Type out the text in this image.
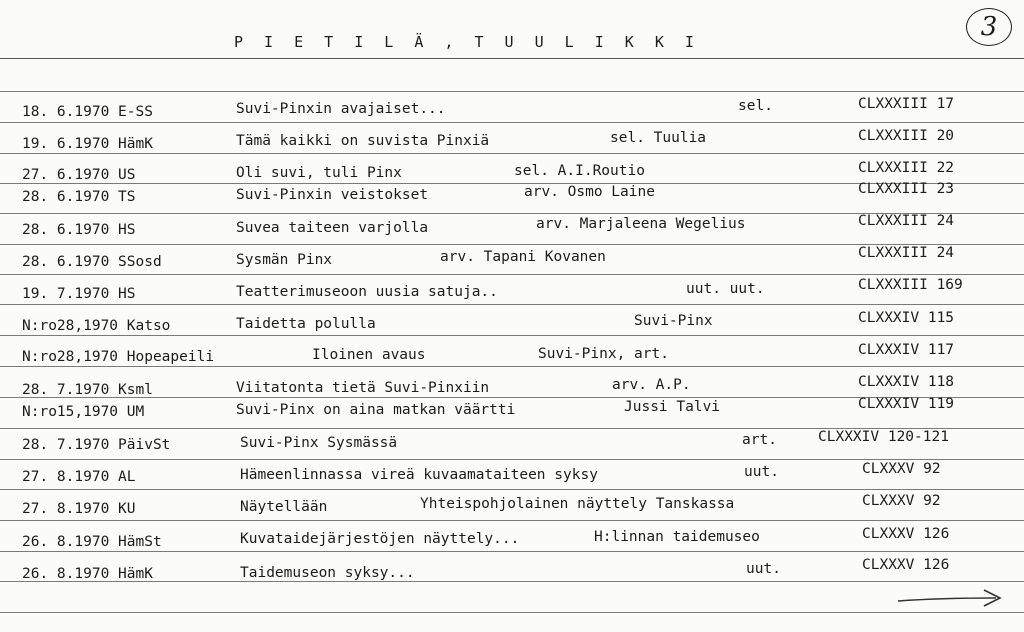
P I E T I L Ä , T U U L I K K I	3
18. 6.1970 E-SS	Suvi-Pinxin avajaiset...	sel.	CLXXXIII 17
19. 6.1970 HämK	Tämä kaikki on suvista Pinxiä	sel. Tuulia	CLXXXIII 20
27. 6.1970 US	Oli suvi, tuli Pinx	sel. A.I.Routio	CLXXXIII 22
28. 6.1970 TS	Suvi-Pinxin veistokset	arv. Osmo Laine	CLXXXIII 23
28. 6.1970 HS	Suvea taiteen varjolla	arv. Marjaleena Wegelius	CLXXXIII 24
28. 6.1970 SSosd	Sysmän Pinx	arv. Tapani Kovanen	CLXXXIII 24
19. 7.1970 HS	Teatterimuseoon uusia satuja..	uut. uut.	CLXXXIII 169
N:ro28,1970 Katso	Taidetta polulla	Suvi-Pinx	CLXXXIV 115
N:ro28,1970 Hopeapeili	Iloinen avaus	Suvi-Pinx, art.	CLXXXIV 117
28. 7.1970 Ksml	Viitatonta tietä Suvi-Pinxiin	arv. A.P.	CLXXXIV 118
N:ro15,1970 UM	Suvi-Pinx on aina matkan väärtti	Jussi Talvi	CLXXXIV 119
28. 7.1970 PäivSt	Suvi-Pinx Sysmässä	art.	CLXXXIV 120-121
27. 8.1970 AL	Hämeenlinnassa vireä kuvaamataiteen syksy	uut.	CLXXXV 92
27. 8.1970 KU	Näytellään	Yhteispohjolainen näyttely Tanskassa	CLXXXV 92
26. 8.1970 HämSt	Kuvataidejärjestöjen näyttely...	H:linnan taidemuseo	CLXXXV 126
26. 8.1970 HämK	Taidemuseon syksy...	uut.	CLXXXV 126
